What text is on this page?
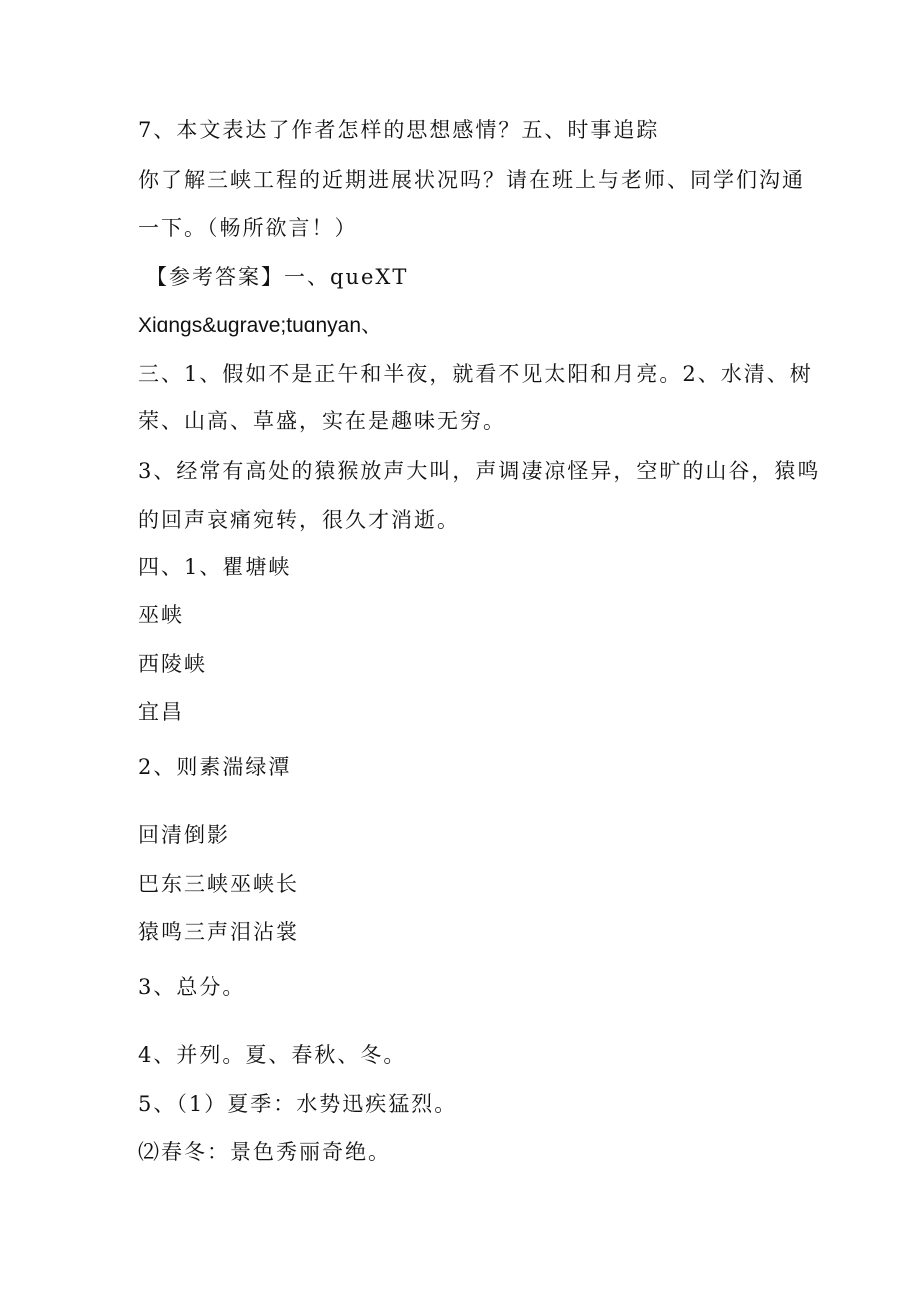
7、本文表达了作者怎样的思想感情？五、时事追踪
你了解三峡工程的近期进展状况吗？请在班上与老师、同学们沟通
一下。（畅所欲言！）
【参考答案】一、queXT
Xiɑngs&ugrave;tuɑnyan、
三、1、假如不是正午和半夜，就看不见太阳和月亮。2、水清、树
荣、山高、草盛，实在是趣味无穷。
3、经常有高处的猿猴放声大叫，声调凄凉怪异，空旷的山谷，猿鸣
的回声哀痛宛转，很久才消逝。
四、1、瞿塘峡
巫峡
西陵峡
宜昌
2、则素湍绿潭
回清倒影
巴东三峡巫峡长
猿鸣三声泪沾裳
3、总分。
4、并列。夏、春秋、冬。
5、（1）夏季：水势迅疾猛烈。
⑵春冬：景色秀丽奇绝。
